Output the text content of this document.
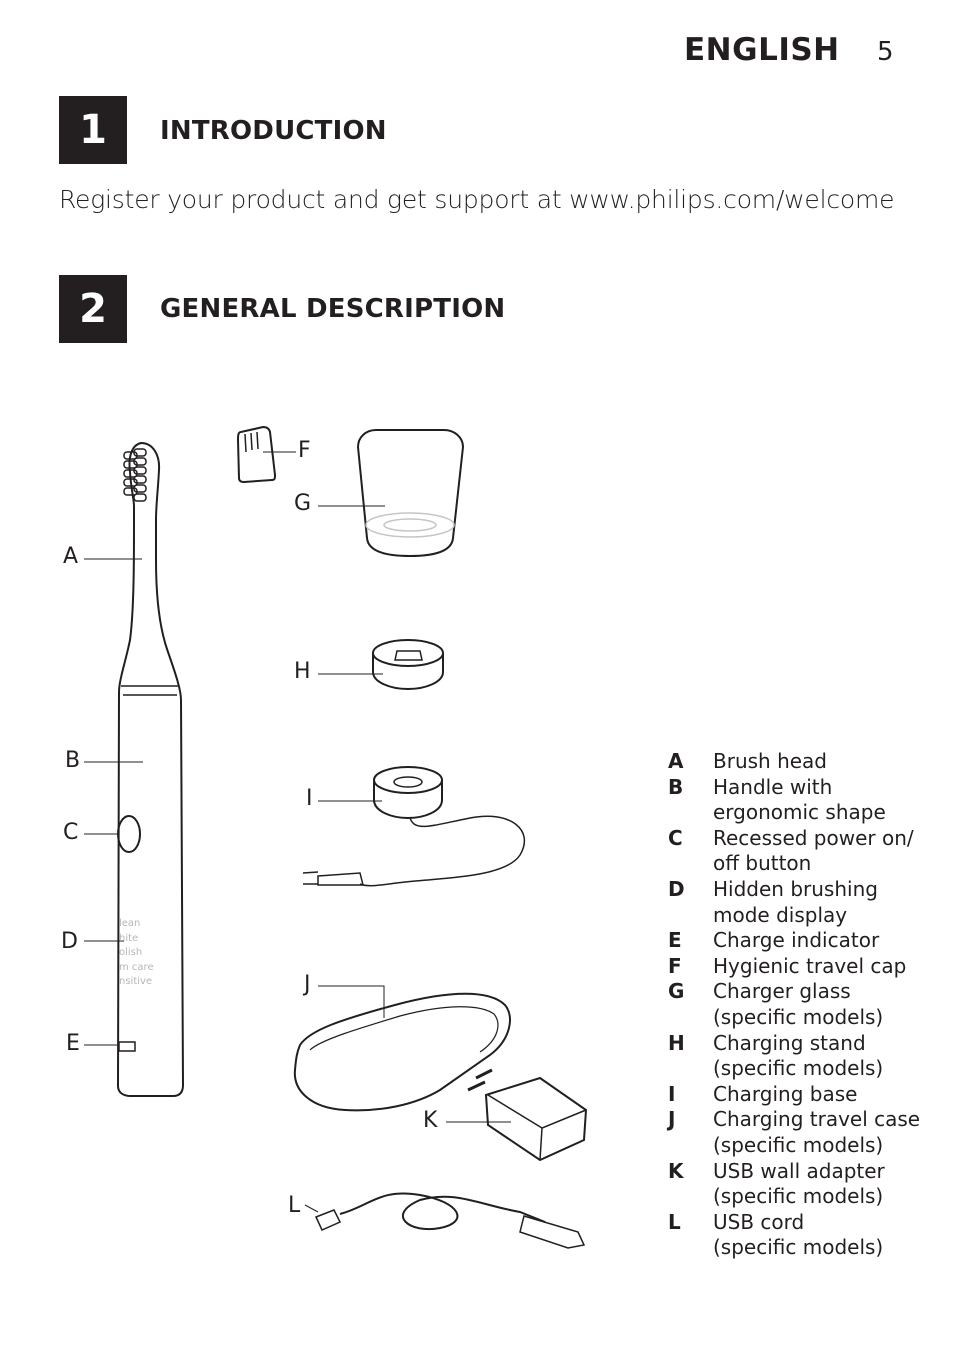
ENGLISH 5
1	INTRODUCTION
Register your product and get support at www.philips.com/welcome
2	GENERAL DESCRIPTION
A
B
C
D
E
F
G
H
I
J
K
L
lean
hite
olish
m care
nsitive
A	Brush head
B	Handle with
ergonomic shape
C	Recessed power on/
off button
D	Hidden brushing
mode display
E	Charge indicator
F	Hygienic travel cap
G	Charger glass
(specific models)
H	Charging stand
(specific models)
I	Charging base
J	Charging travel case
(specific models)
K	USB wall adapter
(specific models)
L	USB cord
(specific models)
